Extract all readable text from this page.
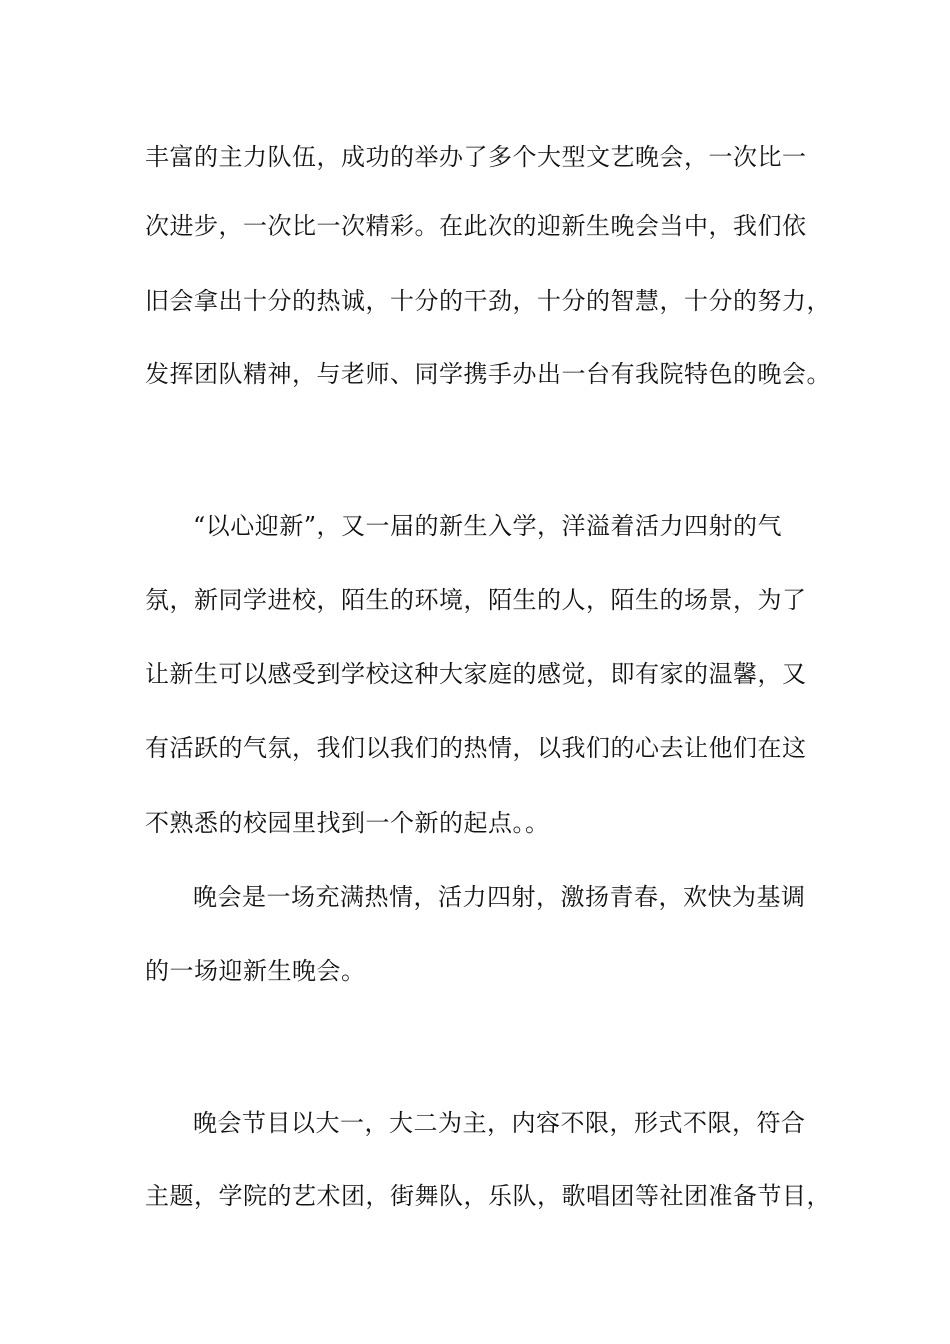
丰富的主力队伍，成功的举办了多个大型文艺晚会，一次比一
次进步，一次比一次精彩。在此次的迎新生晚会当中，我们依
旧会拿出十分的热诚，十分的干劲，十分的智慧，十分的努力，
发挥团队精神，与老师、同学携手办出一台有我院特色的晚会。
“以心迎新”，又一届的新生入学，洋溢着活力四射的气
氛，新同学进校，陌生的环境，陌生的人，陌生的场景，为了
让新生可以感受到学校这种大家庭的感觉，即有家的温馨，又
有活跃的气氛，我们以我们的热情，以我们的心去让他们在这
不熟悉的校园里找到一个新的起点。。
晚会是一场充满热情，活力四射，激扬青春，欢快为基调
的一场迎新生晚会。
晚会节目以大一，大二为主，内容不限，形式不限，符合
主题，学院的艺术团，街舞队，乐队，歌唱团等社团准备节目，
